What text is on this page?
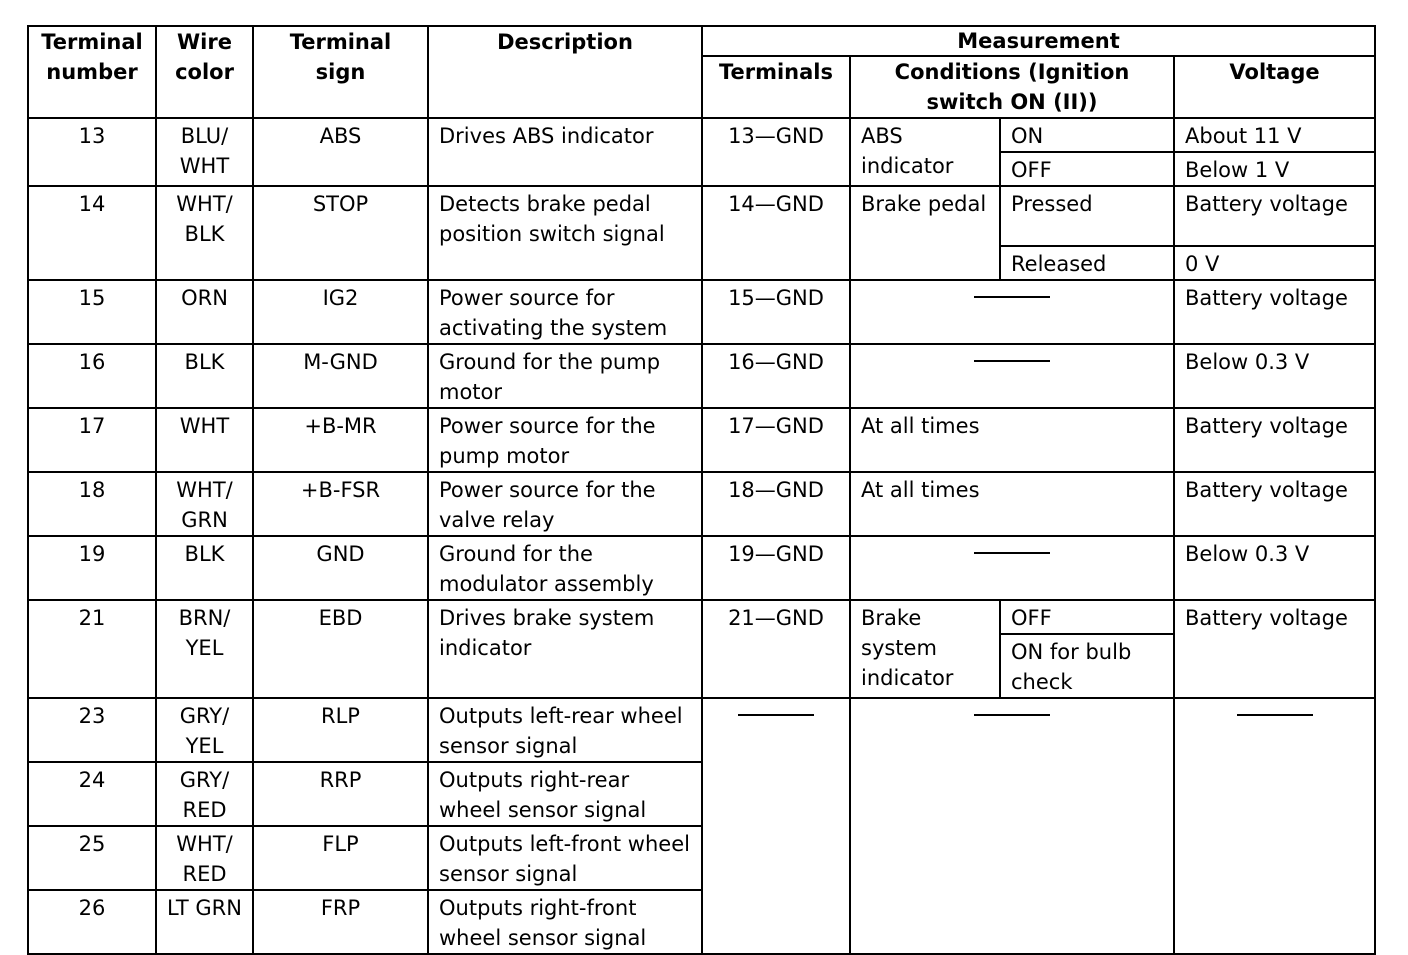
Terminal number	Wire color	Terminal sign	Description	Measurement			
				Terminals	Conditions (Ignition switch ON (II))		Voltage
13	BLU/ WHT	ABS	Drives ABS indicator	13—GND	ABS indicator	ON	About 11 V
						OFF	Below 1 V
14	WHT/ BLK	STOP	Detects brake pedal position switch signal	14—GND	Brake pedal	Pressed	Battery voltage
						Released	0 V
15	ORN	IG2	Power source for activating the system	15—GND			Battery voltage
16	BLK	M-GND	Ground for the pump motor	16—GND			Below 0.3 V
17	WHT	+B-MR	Power source for the pump motor	17—GND	At all times		Battery voltage
18	WHT/ GRN	+B-FSR	Power source for the valve relay	18—GND	At all times		Battery voltage
19	BLK	GND	Ground for the modulator assembly	19—GND			Below 0.3 V
21	BRN/ YEL	EBD	Drives brake system indicator	21—GND	Brake system indicator	OFF	Battery voltage
						ON for bulb check	
23	GRY/ YEL	RLP	Outputs left-rear wheel sensor signal				
24	GRY/ RED	RRP	Outputs right-rear wheel sensor signal				
25	WHT/ RED	FLP	Outputs left-front wheel sensor signal				
26	LT GRN	FRP	Outputs right-front wheel sensor signal				
